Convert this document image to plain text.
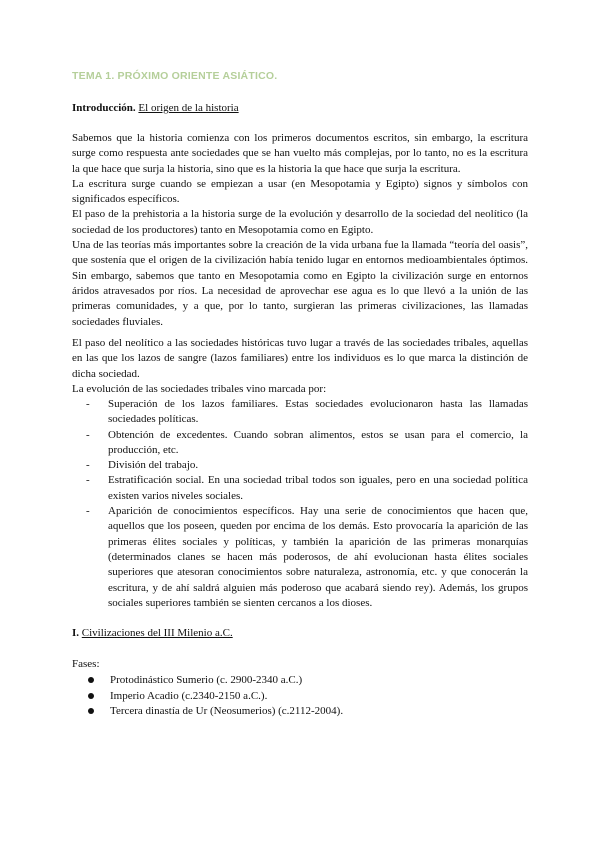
TEMA 1. PRÓXIMO ORIENTE ASIÁTICO.
Introducción. El origen de la historia
Sabemos que la historia comienza con los primeros documentos escritos, sin embargo, la escritura surge como respuesta ante sociedades que se han vuelto más complejas, por lo tanto, no es la escritura la que hace que surja la historia, sino que es la historia la que hace que surja la escritura.
La escritura surge cuando se empiezan a usar (en Mesopotamia y Egipto) signos y símbolos con significados específicos.
El paso de la prehistoria a la historia surge de la evolución y desarrollo de la sociedad del neolítico (la sociedad de los productores) tanto en Mesopotamia como en Egipto.
Una de las teorías más importantes sobre la creación de la vida urbana fue la llamada “teoría del oasis”, que sostenía que el origen de la civilización había tenido lugar en entornos medioambientales óptimos. Sin embargo, sabemos que tanto en Mesopotamia como en Egipto la civilización surge en entornos áridos atravesados por ríos. La necesidad de aprovechar ese agua es lo que llevó a la unión de las primeras comunidades, y a que, por lo tanto, surgieran las primeras civilizaciones, las llamadas sociedades fluviales.
El paso del neolítico a las sociedades históricas tuvo lugar a través de las sociedades tribales, aquellas en las que los lazos de sangre (lazos familiares) entre los individuos es lo que marca la distinción de dicha sociedad.
La evolución de las sociedades tribales vino marcada por:
- Superación de los lazos familiares. Estas sociedades evolucionaron hasta las llamadas sociedades políticas.
- Obtención de excedentes. Cuando sobran alimentos, estos se usan para el comercio, la producción, etc.
- División del trabajo.
- Estratificación social. En una sociedad tribal todos son iguales, pero en una sociedad política existen varios niveles sociales.
- Aparición de conocimientos específicos. Hay una serie de conocimientos que hacen que, aquellos que los poseen, queden por encima de los demás. Esto provocaría la aparición de las primeras élites sociales y políticas, y también la aparición de las primeras monarquías (determinados clanes se hacen más poderosos, de ahí evolucionan hasta élites sociales superiores que atesoran conocimientos sobre naturaleza, astronomía, etc. y que conocerán la escritura, y de ahí saldrá alguien más poderoso que acabará siendo rey). Además, los grupos sociales superiores también se sienten cercanos a los dioses.
I. Civilizaciones del III Milenio a.C.
Fases:
Protodinástico Sumerio (c. 2900-2340 a.C.)
Imperio Acadio (c.2340-2150 a.C.).
Tercera dinastía de Ur (Neosumerios) (c.2112-2004).
